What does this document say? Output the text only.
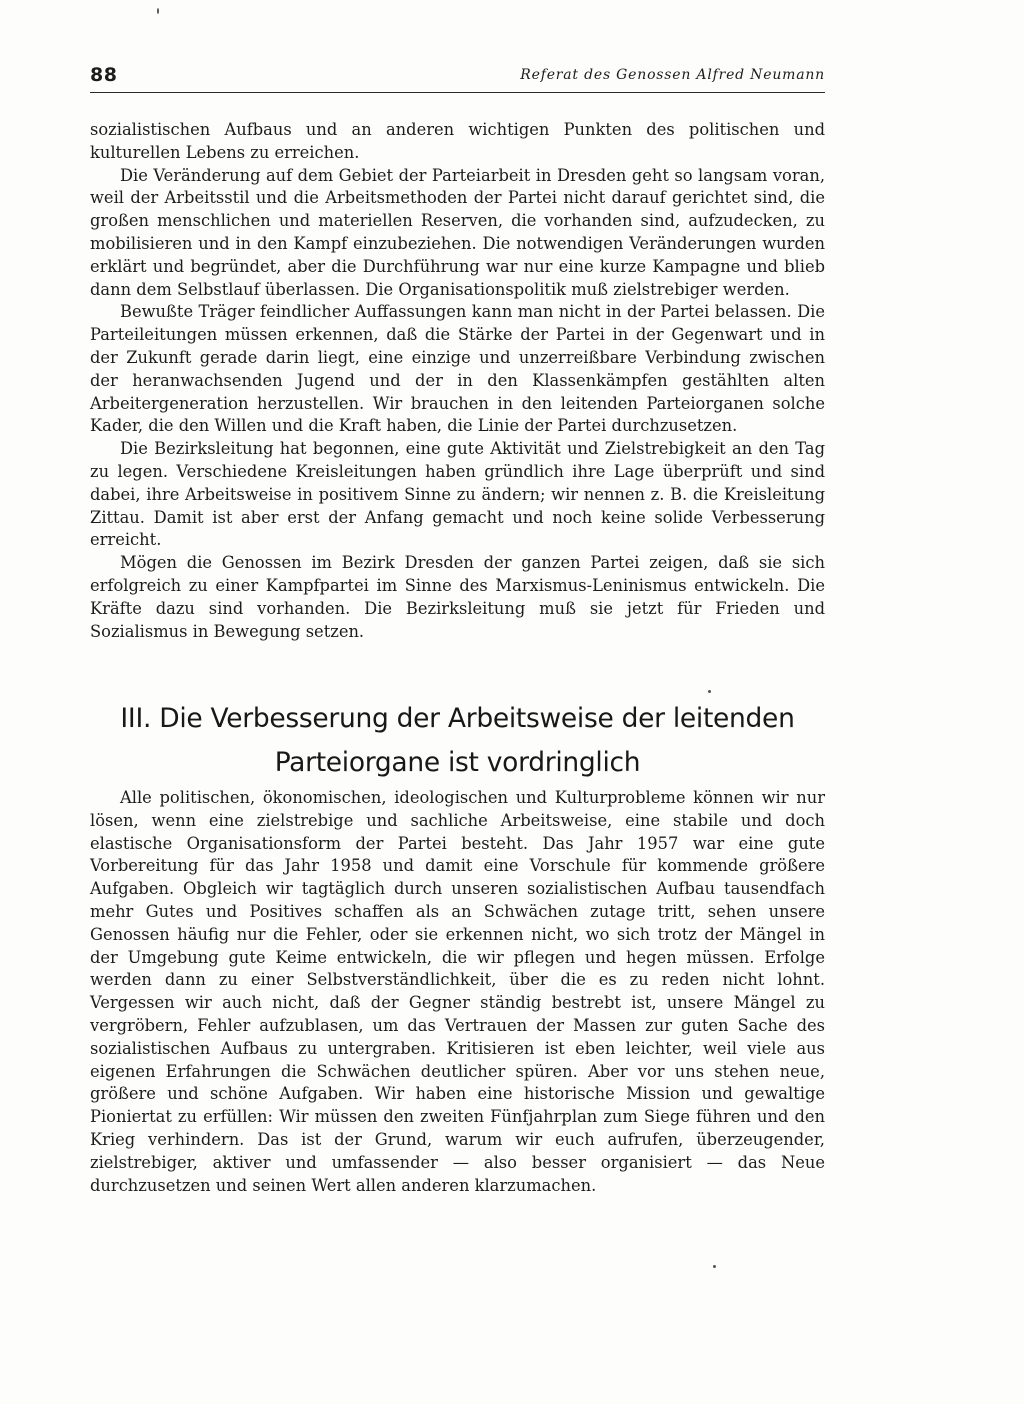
88	Referat des Genossen Alfred Neumann

sozialistischen Aufbaus und an anderen wichtigen Punkten des politischen und kulturellen Lebens zu erreichen.

Die Veränderung auf dem Gebiet der Parteiarbeit in Dresden geht so langsam voran, weil der Arbeitsstil und die Arbeitsmethoden der Partei nicht darauf gerichtet sind, die großen menschlichen und materiellen Reserven, die vorhanden sind, aufzudecken, zu mobilisieren und in den Kampf einzubeziehen. Die notwendigen Veränderungen wurden erklärt und begründet, aber die Durchführung war nur eine kurze Kampagne und blieb dann dem Selbstlauf überlassen. Die Organisationspolitik muß zielstrebiger werden.

Bewußte Träger feindlicher Auffassungen kann man nicht in der Partei belassen. Die Parteileitungen müssen erkennen, daß die Stärke der Partei in der Gegenwart und in der Zukunft gerade darin liegt, eine einzige und unzerreißbare Verbindung zwischen der heranwachsenden Jugend und der in den Klassenkämpfen gestählten alten Arbeitergeneration herzustellen. Wir brauchen in den leitenden Parteiorganen solche Kader, die den Willen und die Kraft haben, die Linie der Partei durchzusetzen.

Die Bezirksleitung hat begonnen, eine gute Aktivität und Zielstrebigkeit an den Tag zu legen. Verschiedene Kreisleitungen haben gründlich ihre Lage überprüft und sind dabei, ihre Arbeitsweise in positivem Sinne zu ändern; wir nennen z. B. die Kreisleitung Zittau. Damit ist aber erst der Anfang gemacht und noch keine solide Verbesserung erreicht.

Mögen die Genossen im Bezirk Dresden der ganzen Partei zeigen, daß sie sich erfolgreich zu einer Kampfpartei im Sinne des Marxismus-Leninismus entwickeln. Die Kräfte dazu sind vorhanden. Die Bezirksleitung muß sie jetzt für Frieden und Sozialismus in Bewegung setzen.

III. Die Verbesserung der Arbeitsweise der leitenden
Parteiorgane ist vordringlich

Alle politischen, ökonomischen, ideologischen und Kulturprobleme können wir nur lösen, wenn eine zielstrebige und sachliche Arbeitsweise, eine stabile und doch elastische Organisationsform der Partei besteht. Das Jahr 1957 war eine gute Vorbereitung für das Jahr 1958 und damit eine Vorschule für kommende größere Aufgaben. Obgleich wir tagtäglich durch unseren sozialistischen Aufbau tausendfach mehr Gutes und Positives schaffen als an Schwächen zutage tritt, sehen unsere Genossen häufig nur die Fehler, oder sie erkennen nicht, wo sich trotz der Mängel in der Umgebung gute Keime entwickeln, die wir pflegen und hegen müssen. Erfolge werden dann zu einer Selbstverständlichkeit, über die es zu reden nicht lohnt. Vergessen wir auch nicht, daß der Gegner ständig bestrebt ist, unsere Mängel zu vergröbern, Fehler aufzublasen, um das Vertrauen der Massen zur guten Sache des sozialistischen Aufbaus zu untergraben. Kritisieren ist eben leichter, weil viele aus eigenen Erfahrungen die Schwächen deutlicher spüren. Aber vor uns stehen neue, größere und schöne Aufgaben. Wir haben eine historische Mission und gewaltige Pioniertat zu erfüllen: Wir müssen den zweiten Fünfjahrplan zum Siege führen und den Krieg verhindern. Das ist der Grund, warum wir euch aufrufen, überzeugender, zielstrebiger, aktiver und umfassender — also besser organisiert — das Neue durchzusetzen und seinen Wert allen anderen klarzumachen.
